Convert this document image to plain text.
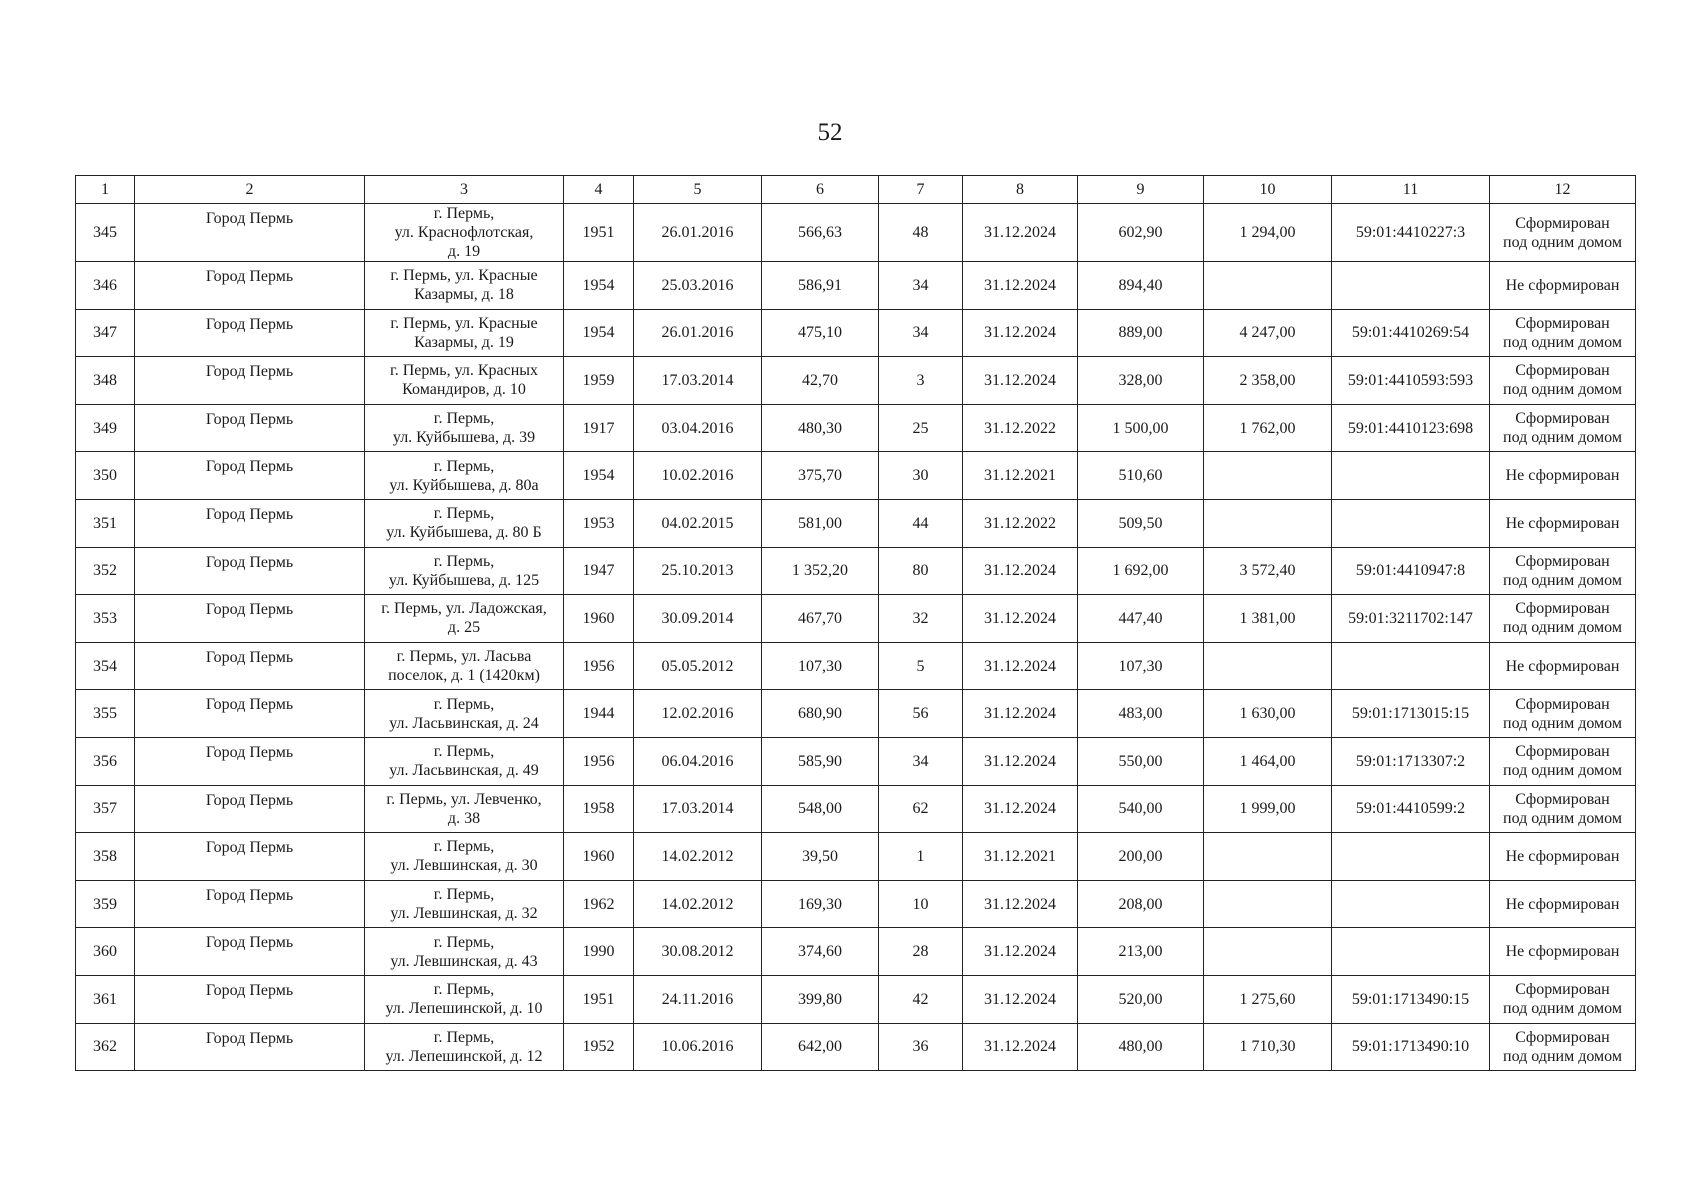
52
1	2	3	4	5	6	7	8	9	10	11	12
345	Город Пермь	г. Пермь,
ул. Краснофлотская,
д. 19	1951	26.01.2016	566,63	48	31.12.2024	602,90	1 294,00	59:01:4410227:3	Сформирован
под одним домом

346	Город Пермь	г. Пермь, ул. Красные
Казармы, д. 18	1954	25.03.2016	586,91	34	31.12.2024	894,40			Не сформирован

347	Город Пермь	г. Пермь, ул. Красные
Казармы, д. 19	1954	26.01.2016	475,10	34	31.12.2024	889,00	4 247,00	59:01:4410269:54	Сформирован
под одним домом

348	Город Пермь	г. Пермь, ул. Красных
Командиров, д. 10	1959	17.03.2014	42,70	3	31.12.2024	328,00	2 358,00	59:01:4410593:593	Сформирован
под одним домом

349	Город Пермь	г. Пермь,
ул. Куйбышева, д. 39	1917	03.04.2016	480,30	25	31.12.2022	1 500,00	1 762,00	59:01:4410123:698	Сформирован
под одним домом

350	Город Пермь	г. Пермь,
ул. Куйбышева, д. 80а	1954	10.02.2016	375,70	30	31.12.2021	510,60			Не сформирован

351	Город Пермь	г. Пермь,
ул. Куйбышева, д. 80 Б	1953	04.02.2015	581,00	44	31.12.2022	509,50			Не сформирован

352	Город Пермь	г. Пермь,
ул. Куйбышева, д. 125	1947	25.10.2013	1 352,20	80	31.12.2024	1 692,00	3 572,40	59:01:4410947:8	Сформирован
под одним домом

353	Город Пермь	г. Пермь, ул. Ладожская,
д. 25	1960	30.09.2014	467,70	32	31.12.2024	447,40	1 381,00	59:01:3211702:147	Сформирован
под одним домом

354	Город Пермь	г. Пермь, ул. Ласьва
поселок, д. 1 (1420км)	1956	05.05.2012	107,30	5	31.12.2024	107,30			Не сформирован

355	Город Пермь	г. Пермь,
ул. Ласьвинская, д. 24	1944	12.02.2016	680,90	56	31.12.2024	483,00	1 630,00	59:01:1713015:15	Сформирован
под одним домом

356	Город Пермь	г. Пермь,
ул. Ласьвинская, д. 49	1956	06.04.2016	585,90	34	31.12.2024	550,00	1 464,00	59:01:1713307:2	Сформирован
под одним домом

357	Город Пермь	г. Пермь, ул. Левченко,
д. 38	1958	17.03.2014	548,00	62	31.12.2024	540,00	1 999,00	59:01:4410599:2	Сформирован
под одним домом

358	Город Пермь	г. Пермь,
ул. Левшинская, д. 30	1960	14.02.2012	39,50	1	31.12.2021	200,00			Не сформирован

359	Город Пермь	г. Пермь,
ул. Левшинская, д. 32	1962	14.02.2012	169,30	10	31.12.2024	208,00			Не сформирован

360	Город Пермь	г. Пермь,
ул. Левшинская, д. 43	1990	30.08.2012	374,60	28	31.12.2024	213,00			Не сформирован

361	Город Пермь	г. Пермь,
ул. Лепешинской, д. 10	1951	24.11.2016	399,80	42	31.12.2024	520,00	1 275,60	59:01:1713490:15	Сформирован
под одним домом

362	Город Пермь	г. Пермь,
ул. Лепешинской, д. 12	1952	10.06.2016	642,00	36	31.12.2024	480,00	1 710,30	59:01:1713490:10	Сформирован
под одним домом
